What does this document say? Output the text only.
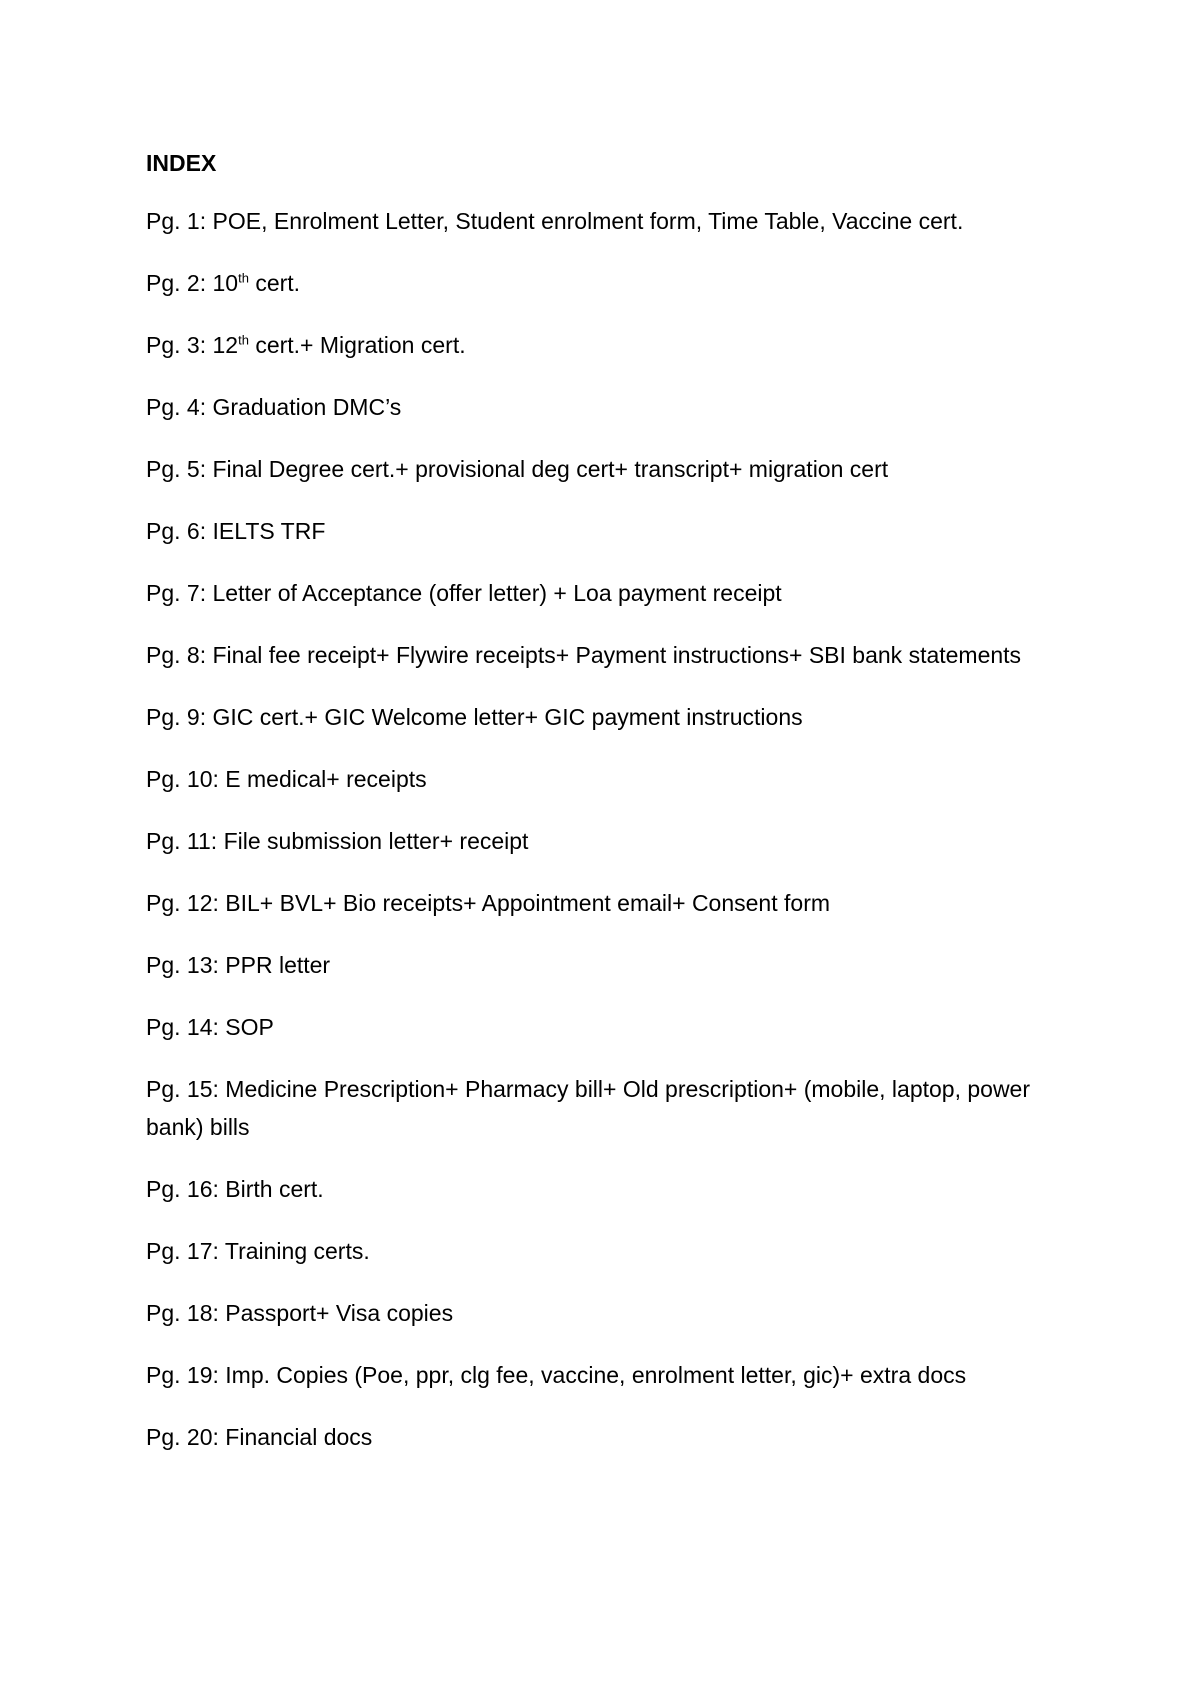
INDEX
Pg. 1: POE, Enrolment Letter, Student enrolment form, Time Table, Vaccine cert.
Pg. 2: 10th cert.
Pg. 3: 12th cert.+ Migration cert.
Pg. 4: Graduation DMC’s
Pg. 5: Final Degree cert.+ provisional deg cert+ transcript+ migration cert
Pg. 6: IELTS TRF
Pg. 7: Letter of Acceptance (offer letter) + Loa payment receipt
Pg. 8: Final fee receipt+ Flywire receipts+ Payment instructions+ SBI bank statements
Pg. 9: GIC cert.+ GIC Welcome letter+ GIC payment instructions
Pg. 10: E medical+ receipts
Pg. 11: File submission letter+ receipt
Pg. 12: BIL+ BVL+ Bio receipts+ Appointment email+ Consent form
Pg. 13: PPR letter
Pg. 14: SOP
Pg. 15: Medicine Prescription+ Pharmacy bill+ Old prescription+ (mobile, laptop, power bank) bills
Pg. 16: Birth cert.
Pg. 17: Training certs.
Pg. 18: Passport+ Visa copies
Pg. 19: Imp. Copies (Poe, ppr, clg fee, vaccine, enrolment letter, gic)+ extra docs
Pg. 20: Financial docs
